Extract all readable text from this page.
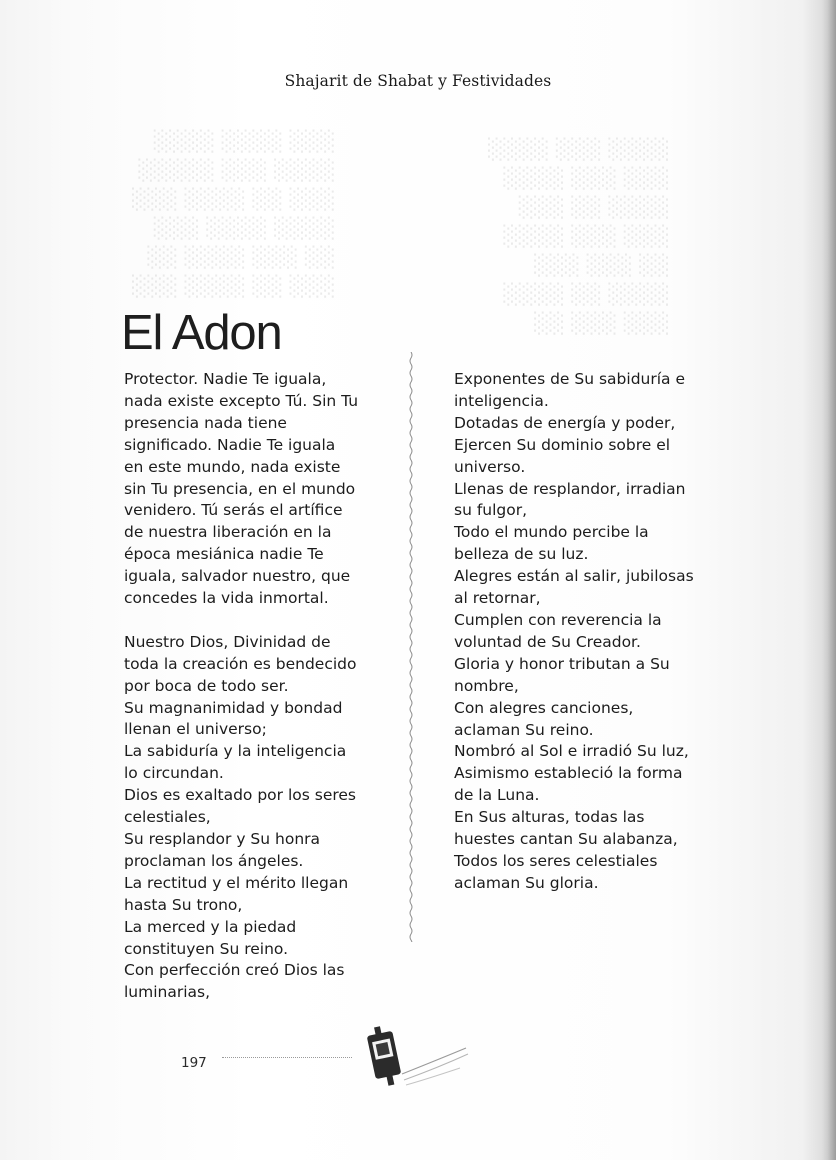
░░░ ░░░░ ░░░░
░░░░ ░░░ ░░░░░
░░░ ░░ ░░░░ ░░░
░░░░ ░░░░ ░░░
░░ ░░░ ░░░░ ░░
░░░ ░░ ░░░░ ░░░
░░░░ ░░░ ░░░░
░░░ ░░░ ░░░░
░░░░ ░░ ░░░
░░░ ░░░ ░░░░
░░ ░░░ ░░░
░░░░ ░░ ░░░░
░░░ ░░░ ░░
Shajarit de Shabat y Festividades
El Adon
Protector. Nadie Te iguala,
nada existe excepto Tú. Sin Tu
presencia nada tiene
significado. Nadie Te iguala
en este mundo, nada existe
sin Tu presencia, en el mundo
venidero. Tú serás el artífice
de nuestra liberación en la
época mesiánica nadie Te
iguala, salvador nuestro, que
concedes la vida inmortal.
Nuestro Dios, Divinidad de
toda la creación es bendecido
por boca de todo ser.
Su magnanimidad y bondad
llenan el universo;
La sabiduría y la inteligencia
lo circundan.
Dios es exaltado por los seres
celestiales,
Su resplandor y Su honra
proclaman los ángeles.
La rectitud y el mérito llegan
hasta Su trono,
La merced y la piedad
constituyen Su reino.
Con perfección creó Dios las
luminarias,
Exponentes de Su sabiduría e
inteligencia.
Dotadas de energía y poder,
Ejercen Su dominio sobre el
universo.
Llenas de resplandor, irradian
su fulgor,
Todo el mundo percibe la
belleza de su luz.
Alegres están al salir, jubilosas
al retornar,
Cumplen con reverencia la
voluntad de Su Creador.
Gloria y honor tributan a Su
nombre,
Con alegres canciones,
aclaman Su reino.
Nombró al Sol e irradió Su luz,
Asimismo estableció la forma
de la Luna.
En Sus alturas, todas las
huestes cantan Su alabanza,
Todos los seres celestiales
aclaman Su gloria.
197
